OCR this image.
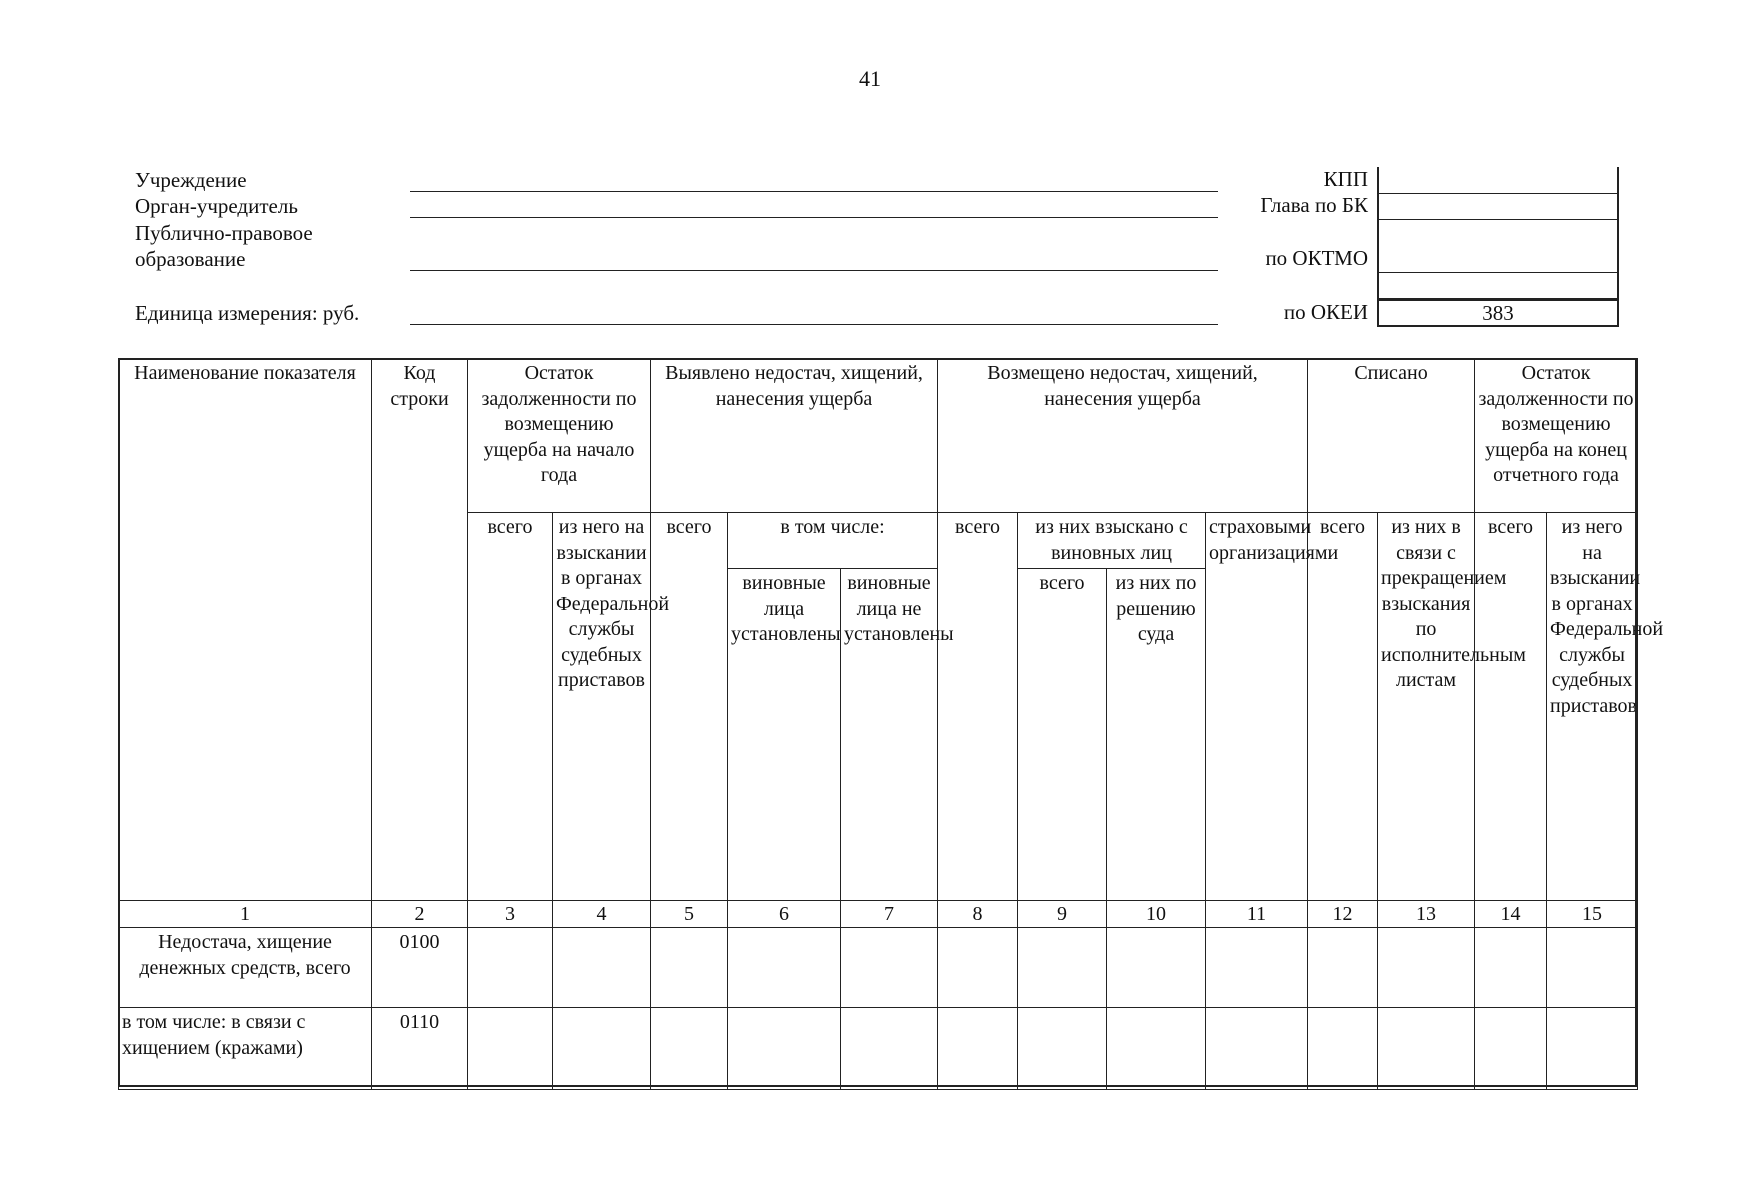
41
Учреждение
Орган-учредитель
Публично-правовое образование
Единица измерения: руб.
КПП
Глава по БК
по ОКТМО
по ОКЕИ	383
Наименование показателя	Код строки	Остаток задолженности по возмещению ущерба на начало года		Выявлено недостач, хищений, нанесения ущерба			Возмещено недостач, хищений, нанесения ущерба				Списано		Остаток задолженности по возмещению ущерба на конец отчетного года	
		всего	из него на взыскании в органах Федеральной службы судебных приставов	всего	в том числе:		всего	из них взыскано с виновных лиц		страховыми организациями	всего	из них в связи с прекращением взыскания по исполнительным листам	всего	из него на взыскании в органах Федеральной службы судебных приставов
					виновные лица установлены	виновные лица не установлены		всего	из них по решению суда					
1	2	3	4	5	6	7	8	9	10	11	12	13	14	15
Недостача, хищение денежных средств, всего	0100													
в том числе: в связи с хищением (кражами)	0110													
